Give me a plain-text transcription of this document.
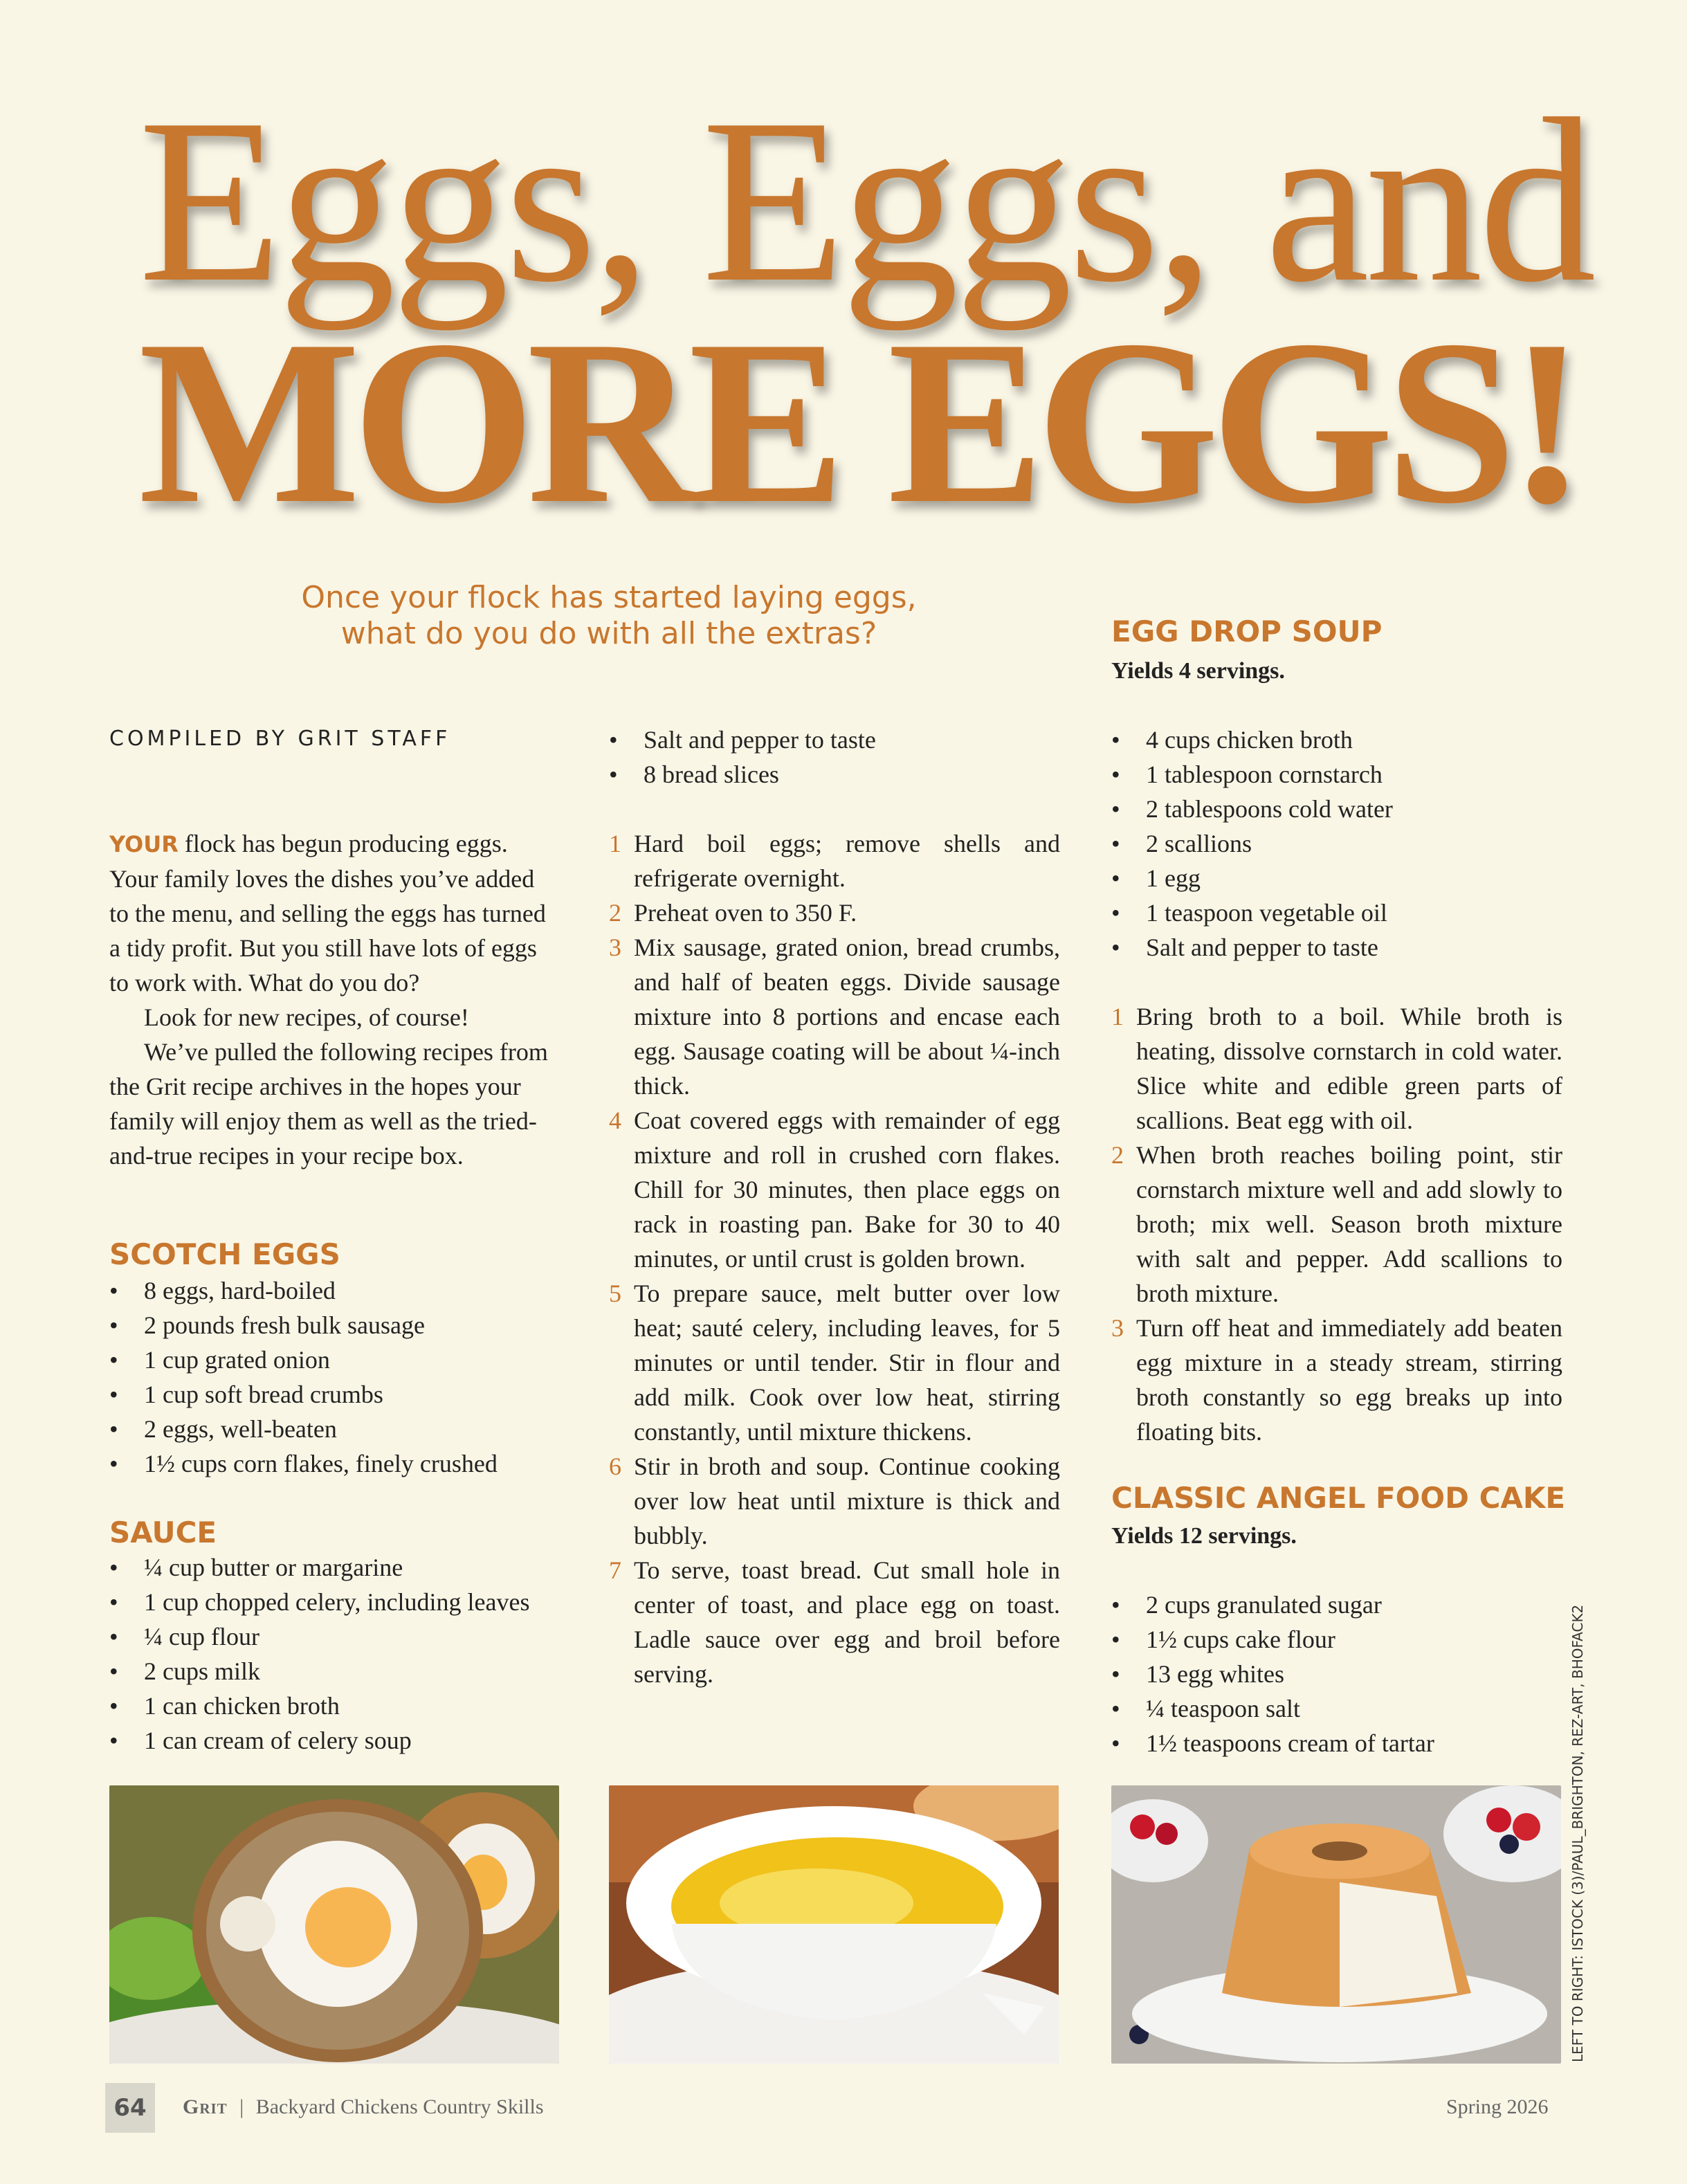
Eggs, Eggs, and
MORE EGGS!
Once your flock has started laying eggs,
what do you do with all the extras?
COMPILED BY GRIT STAFF

YOUR flock has begun producing eggs. Your family loves the dishes you’ve added to the menu, and selling the eggs has turned a tidy profit. But you still have lots of eggs to work with. What do you do?

Look for new recipes, of course!

We’ve pulled the following recipes from the Grit recipe archives in the hopes your family will enjoy them as well as the tried-and-true recipes in your recipe box.

SCOTCH EGGS
• 8 eggs, hard-boiled
• 2 pounds fresh bulk sausage
• 1 cup grated onion
• 1 cup soft bread crumbs
• 2 eggs, well-beaten
• 1½ cups corn flakes, finely crushed
SAUCE
• ¼ cup butter or margarine
• 1 cup chopped celery, including leaves
• ¼ cup flour
• 2 cups milk
• 1 can chicken broth
• 1 can cream of celery soup
• Salt and pepper to taste
• 8 bread slices
1 Hard boil eggs; remove shells and refrigerate overnight.
2 Preheat oven to 350 F.
3 Mix sausage, grated onion, bread crumbs, and half of beaten eggs. Divide sausage mixture into 8 portions and encase each egg. Sausage coating will be about ¼-inch thick.
4 Coat covered eggs with remainder of egg mixture and roll in crushed corn flakes. Chill for 30 minutes, then place eggs on rack in roasting pan. Bake for 30 to 40 minutes, or until crust is golden brown.
5 To prepare sauce, melt butter over low heat; sauté celery, including leaves, for 5 minutes or until tender. Stir in flour and add milk. Cook over low heat, stirring constantly, until mixture thickens.
6 Stir in broth and soup. Continue cooking over low heat until mixture is thick and bubbly.
7 To serve, toast bread. Cut small hole in center of toast, and place egg on toast. Ladle sauce over egg and broil before serving.
EGG DROP SOUP
Yields 4 servings.
• 4 cups chicken broth
• 1 tablespoon cornstarch
• 2 tablespoons cold water
• 2 scallions
• 1 egg
• 1 teaspoon vegetable oil
• Salt and pepper to taste
1 Bring broth to a boil. While broth is heating, dissolve cornstarch in cold water. Slice white and edible green parts of scallions. Beat egg with oil.
2 When broth reaches boiling point, stir cornstarch mixture well and add slowly to broth; mix well. Season broth mixture with salt and pepper. Add scallions to broth mixture.
3 Turn off heat and immediately add beaten egg mixture in a steady stream, stirring broth constantly so egg breaks up into floating bits.
CLASSIC ANGEL FOOD CAKE
Yields 12 servings.
• 2 cups granulated sugar
• 1½ cups cake flour
• 13 egg whites
• ¼ teaspoon salt
• 1½ teaspoons cream of tartar	LEFT TO RIGHT: ISTOCK (3)/PAUL_BRIGHTON, REZ-ART, BHOFACK2
64	Grit | Backyard Chickens Country Skills	Spring 2026
